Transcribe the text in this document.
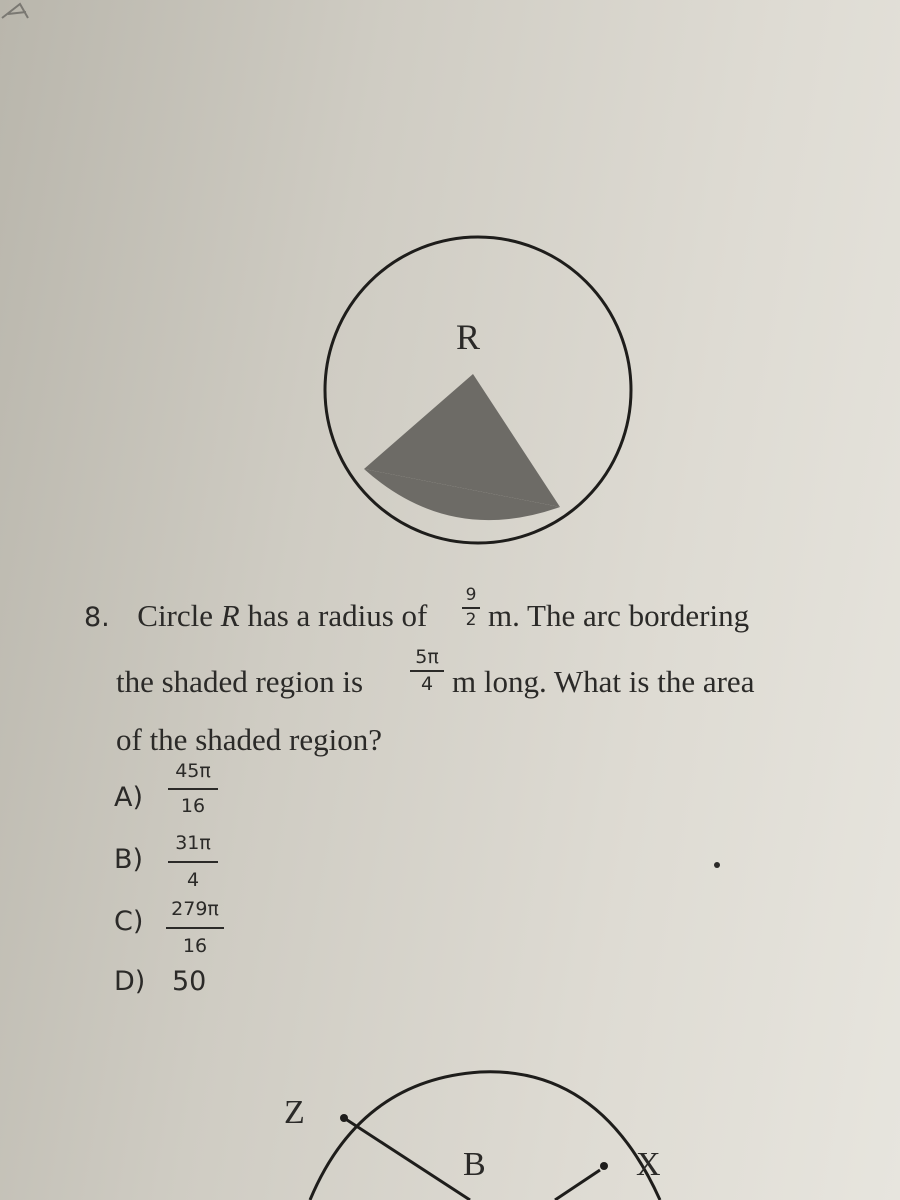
R
8. Circle R has a radius of
9
2 m. The arc bordering
the shaded region is
5π
4 m long. What is the area
of the shaded region?
A)
45π
16
B)
31π
4
C) 279π
16
D) 50
Z
B	X
